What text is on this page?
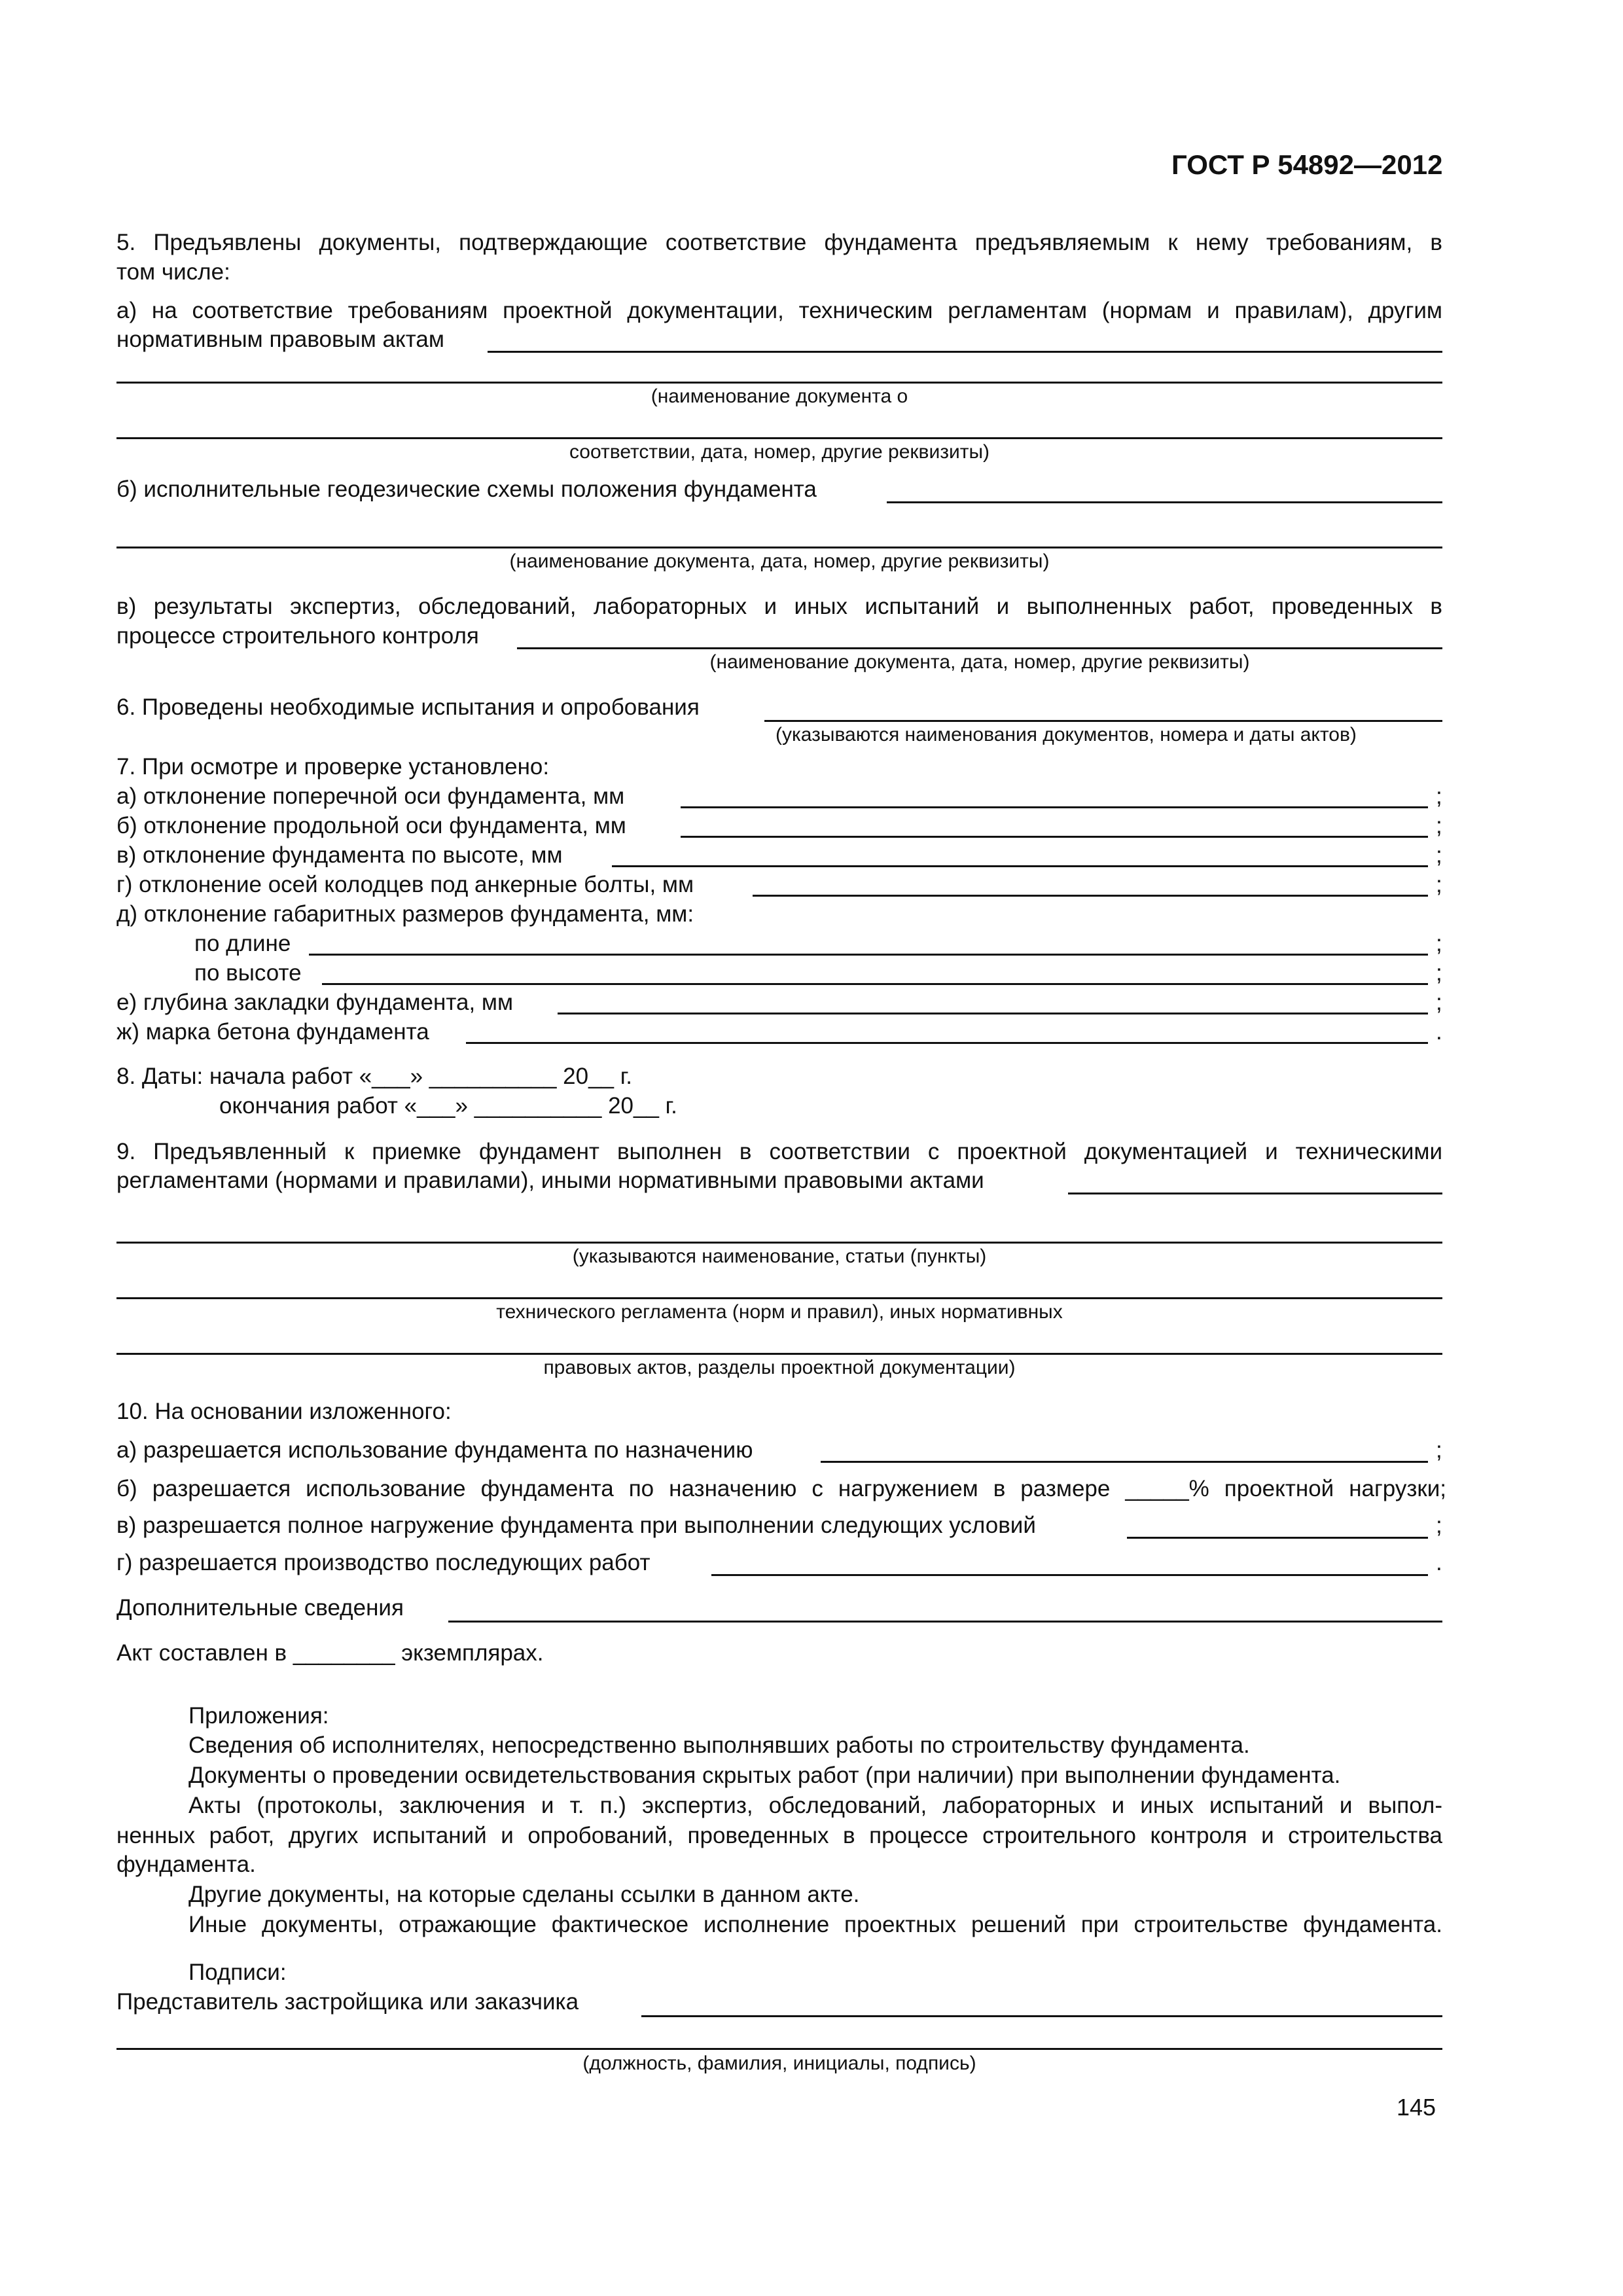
ГОСТ Р 54892—2012
5. Предъявлены документы, подтверждающие соответствие фундамента предъявляемым к нему требованиям, в
том числе:
а) на соответствие требованиям проектной документации, техническим регламентам (нормам и правилам), другим
нормативным правовым актам
(наименование документа о
соответствии, дата, номер, другие реквизиты)
б) исполнительные геодезические схемы положения фундамента
(наименование документа, дата, номер, другие реквизиты)
в) результаты экспертиз, обследований, лабораторных и иных испытаний и выполненных работ, проведенных в
процессе строительного контроля
(наименование документа, дата, номер, другие реквизиты)
6. Проведены необходимые испытания и опробования
(указываются наименования документов, номера и даты актов)
7. При осмотре и проверке установлено:
а) отклонение поперечной оси фундамента, мм	;
б) отклонение продольной оси фундамента, мм	;
в) отклонение фундамента по высоте, мм	;
г) отклонение осей колодцев под анкерные болты, мм	;
д) отклонение габаритных размеров фундамента, мм:
по длине	;
по высоте	;
е) глубина закладки фундамента, мм	;
ж) марка бетона фундамента	.
8. Даты: начала работ «___» __________ 20__ г.
окончания работ «___» __________ 20__ г.
9. Предъявленный к приемке фундамент выполнен в соответствии с проектной документацией и техническими
регламентами (нормами и правилами), иными нормативными правовыми актами
(указываются наименование, статьи (пункты)
технического регламента (норм и правил), иных нормативных
правовых актов, разделы проектной документации)
10. На основании изложенного:
а) разрешается использование фундамента по назначению	;
б) разрешается использование фундамента по назначению с нагружением в размере _____% проектной нагрузки;
в) разрешается полное нагружение фундамента при выполнении следующих условий	;
г) разрешается производство последующих работ	.
Дополнительные сведения
Акт составлен в ________ экземплярах.
Приложения:
Сведения об исполнителях, непосредственно выполнявших работы по строительству фундамента.
Документы о проведении освидетельствования скрытых работ (при наличии) при выполнении фундамента.
Акты (протоколы, заключения и т. п.) экспертиз, обследований, лабораторных и иных испытаний и выпол-
ненных работ, других испытаний и опробований, проведенных в процессе строительного контроля и строительства
фундамента.
Другие документы, на которые сделаны ссылки в данном акте.
Иные документы, отражающие фактическое исполнение проектных решений при строительстве фундамента.
Подписи:
Представитель застройщика или заказчика
(должность, фамилия, инициалы, подпись)
145
